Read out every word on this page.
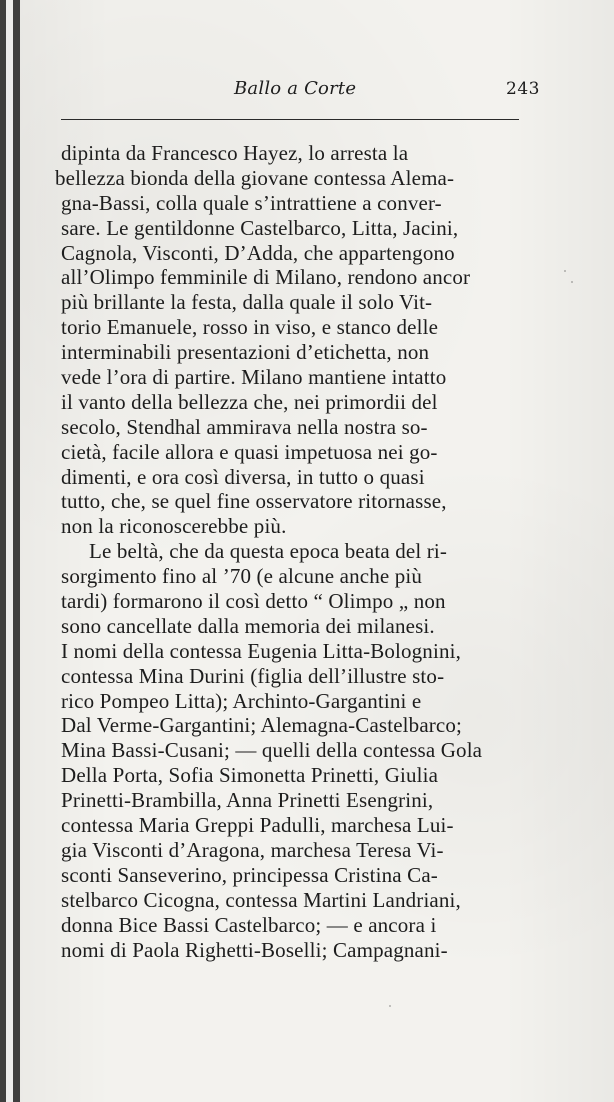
Ballo a Corte	243
dipinta da Francesco Hayez, lo arresta la
bellezza bionda della giovane contessa Alema-
gna-Bassi, colla quale s’intrattiene a conver-
sare. Le gentildonne Castelbarco, Litta, Jacini,
Cagnola, Visconti, D’Adda, che appartengono
all’Olimpo femminile di Milano, rendono ancor
più brillante la festa, dalla quale il solo Vit-
torio Emanuele, rosso in viso, e stanco delle
interminabili presentazioni d’etichetta, non
vede l’ora di partire. Milano mantiene intatto
il vanto della bellezza che, nei primordii del
secolo, Stendhal ammirava nella nostra so-
cietà, facile allora e quasi impetuosa nei go-
dimenti, e ora così diversa, in tutto o quasi
tutto, che, se quel fine osservatore ritornasse,
non la riconoscerebbe più.
Le beltà, che da questa epoca beata del ri-
sorgimento fino al ’70 (e alcune anche più
tardi) formarono il così detto “ Olimpo „ non
sono cancellate dalla memoria dei milanesi.
I nomi della contessa Eugenia Litta-Bolognini,
contessa Mina Durini (figlia dell’illustre sto-
rico Pompeo Litta); Archinto-Gargantini e
Dal Verme-Gargantini; Alemagna-Castelbarco;
Mina Bassi-Cusani; — quelli della contessa Gola
Della Porta, Sofia Simonetta Prinetti, Giulia
Prinetti-Brambilla, Anna Prinetti Esengrini,
contessa Maria Greppi Padulli, marchesa Lui-
gia Visconti d’Aragona, marchesa Teresa Vi-
sconti Sanseverino, principessa Cristina Ca-
stelbarco Cicogna, contessa Martini Landriani,
donna Bice Bassi Castelbarco; — e ancora i
nomi di Paola Righetti-Boselli; Campagnani-
